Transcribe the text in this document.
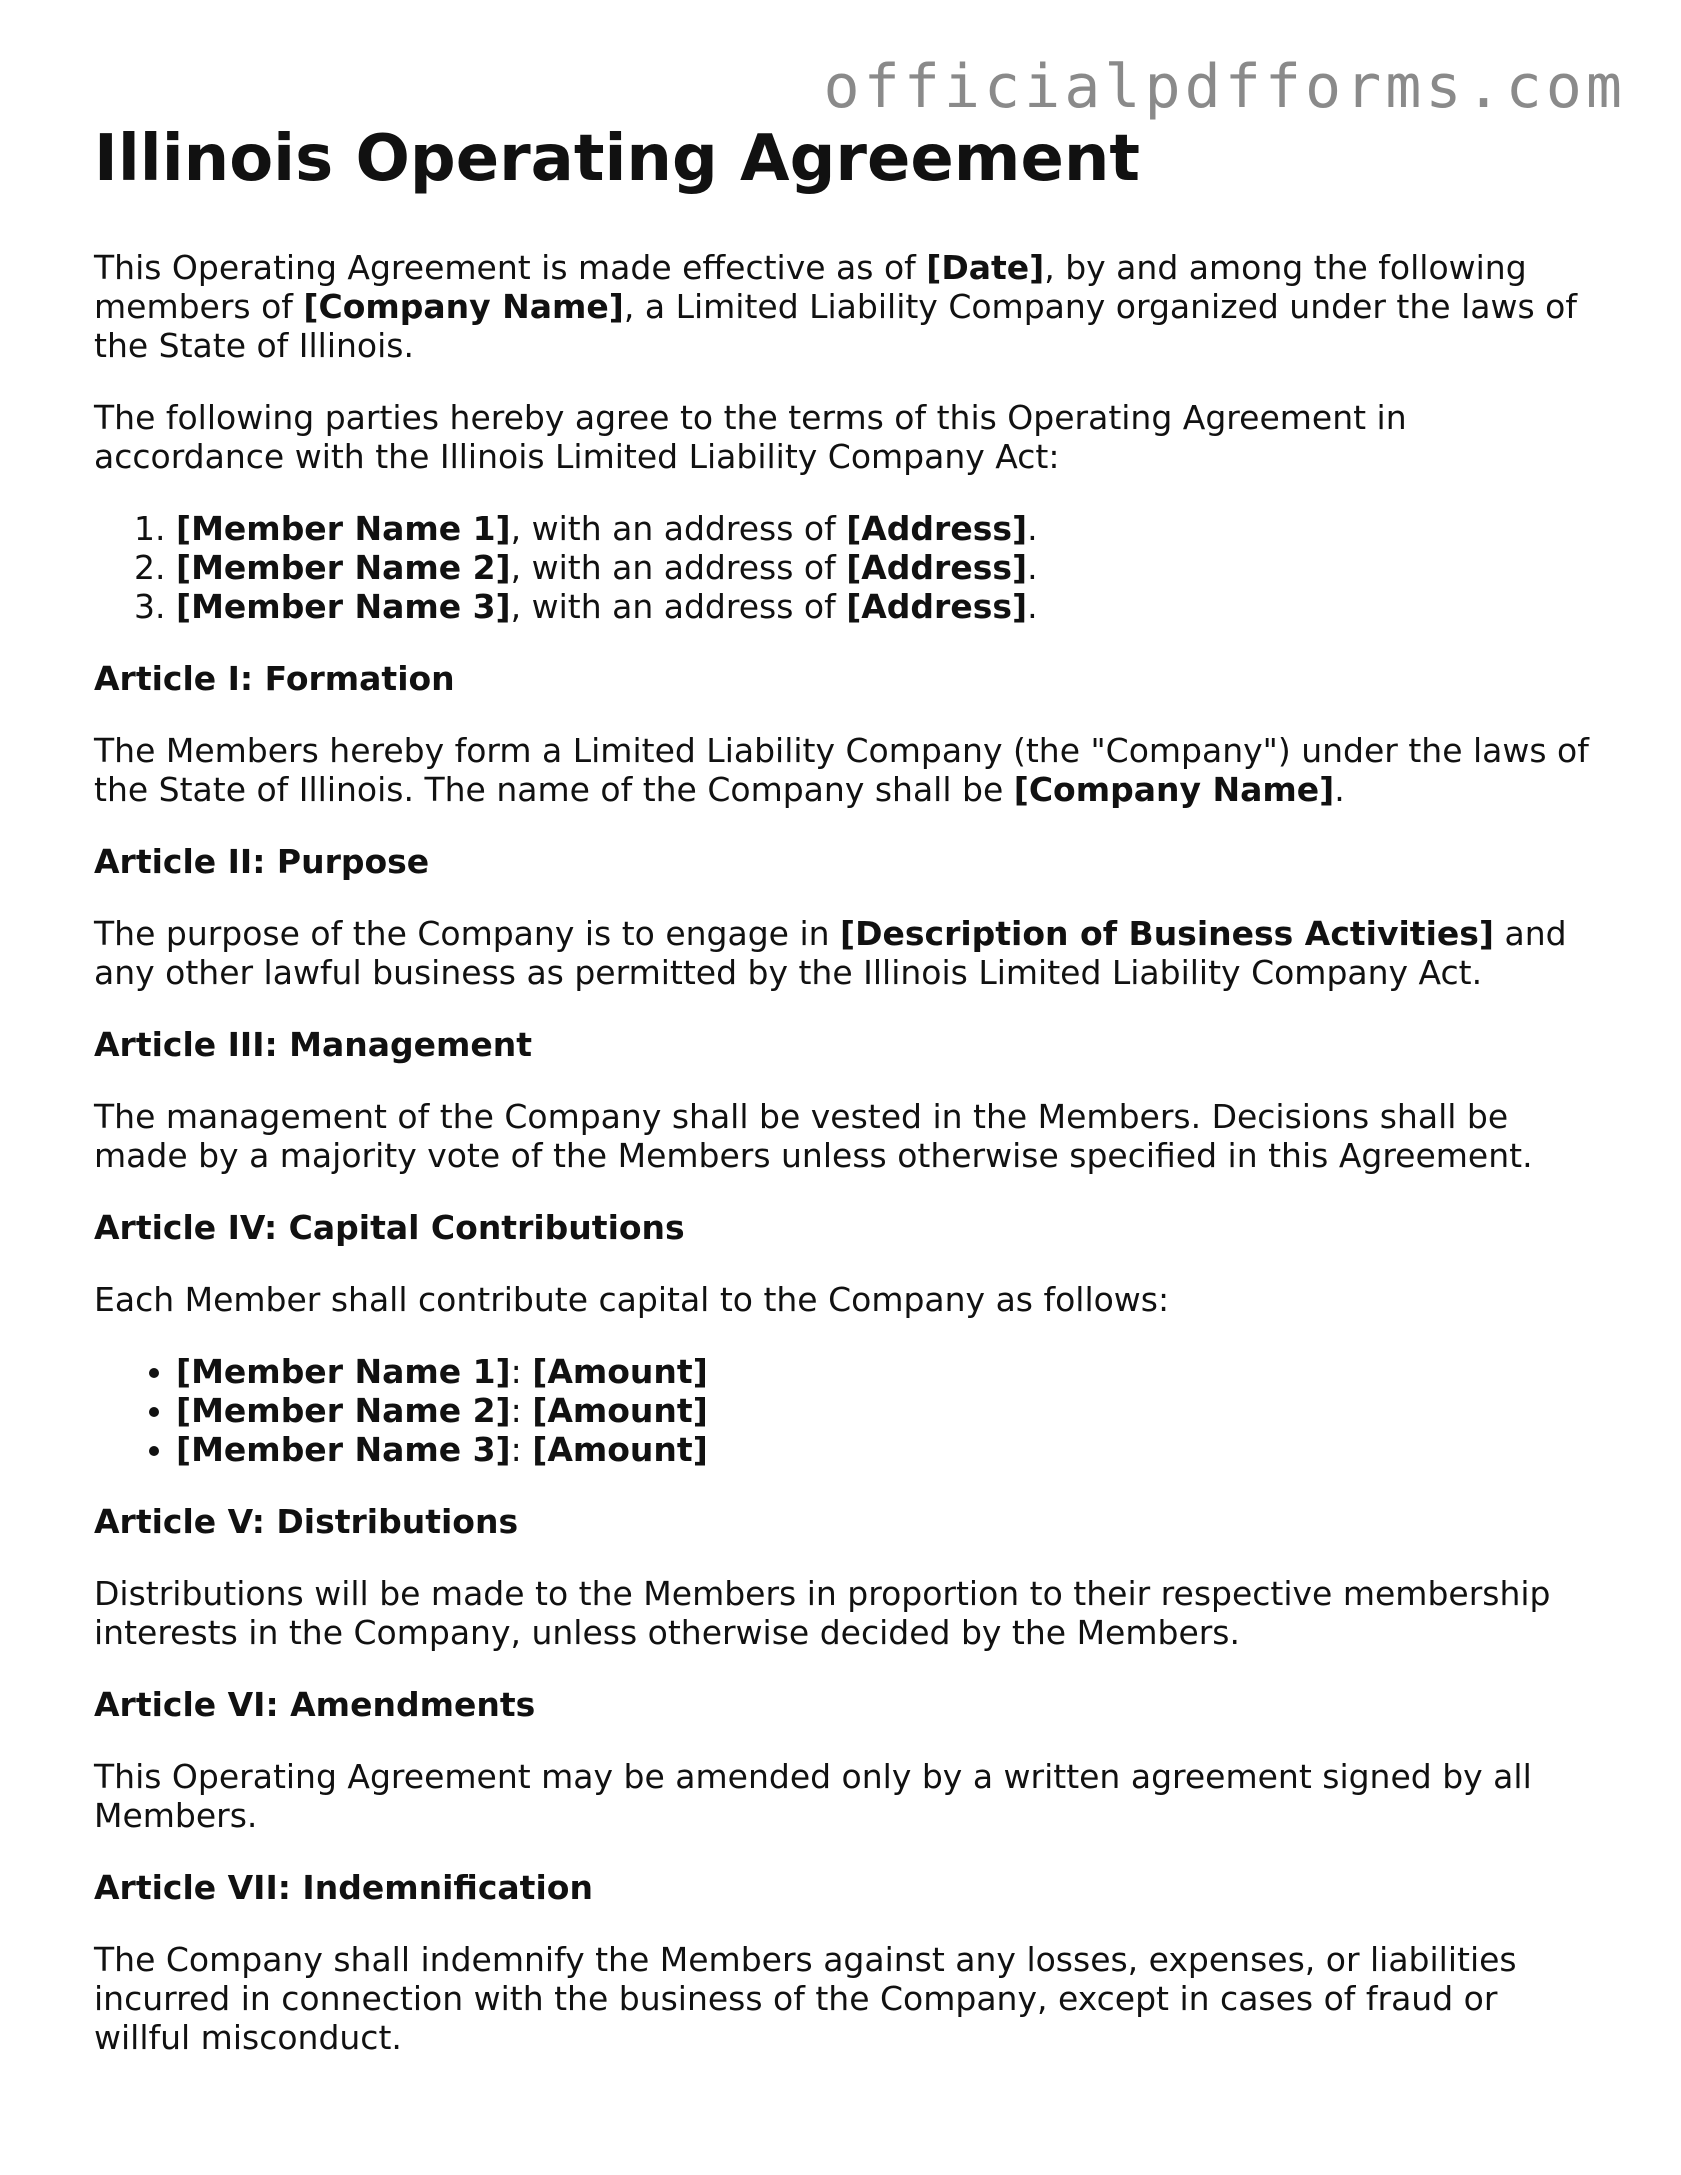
officialpdfforms.com
Illinois Operating Agreement

This Operating Agreement is made effective as of [Date], by and among the following members of [Company Name], a Limited Liability Company organized under the laws of the State of Illinois.

The following parties hereby agree to the terms of this Operating Agreement in accordance with the Illinois Limited Liability Company Act:

1. [Member Name 1], with an address of [Address].
2. [Member Name 2], with an address of [Address].
3. [Member Name 3], with an address of [Address].
Article I: Formation

The Members hereby form a Limited Liability Company (the "Company") under the laws of the State of Illinois. The name of the Company shall be [Company Name].

Article II: Purpose

The purpose of the Company is to engage in [Description of Business Activities] and any other lawful business as permitted by the Illinois Limited Liability Company Act.

Article III: Management

The management of the Company shall be vested in the Members. Decisions shall be made by a majority vote of the Members unless otherwise specified in this Agreement.

Article IV: Capital Contributions

Each Member shall contribute capital to the Company as follows:

• [Member Name 1]: [Amount]
• [Member Name 2]: [Amount]
• [Member Name 3]: [Amount]
Article V: Distributions

Distributions will be made to the Members in proportion to their respective membership interests in the Company, unless otherwise decided by the Members.

Article VI: Amendments

This Operating Agreement may be amended only by a written agreement signed by all Members.

Article VII: Indemnification

The Company shall indemnify the Members against any losses, expenses, or liabilities incurred in connection with the business of the Company, except in cases of fraud or willful misconduct.
